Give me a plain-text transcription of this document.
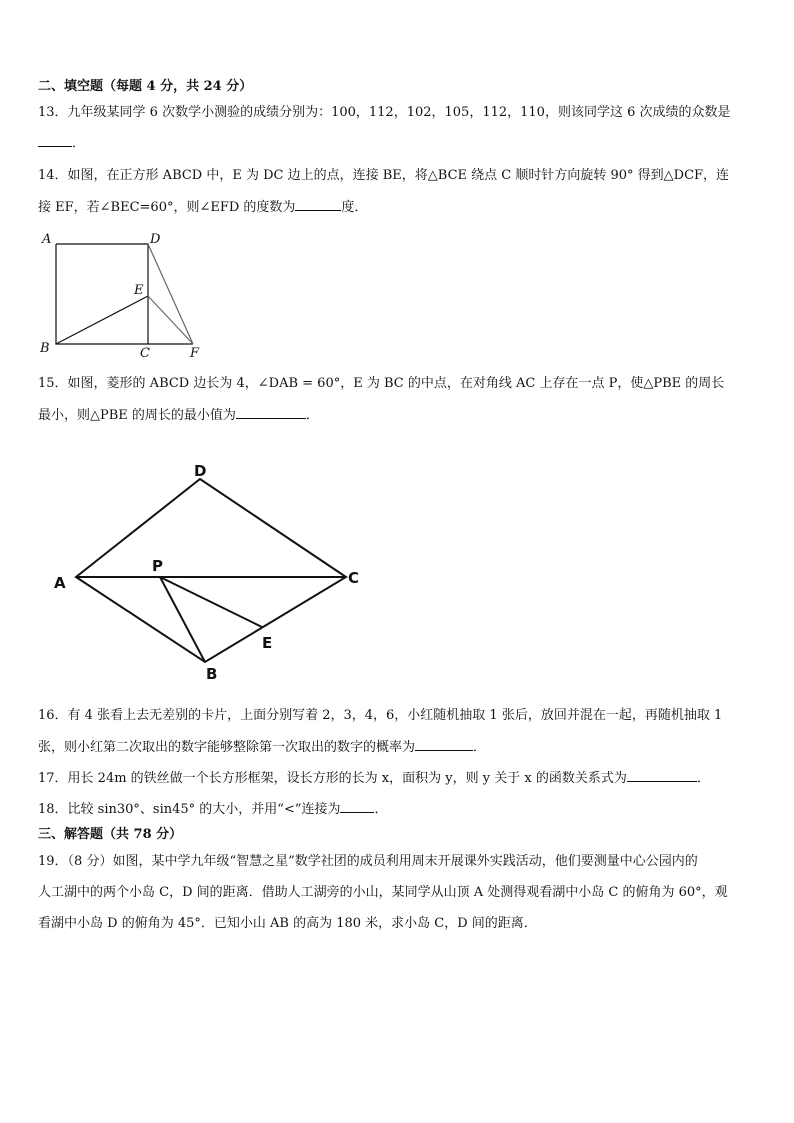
二、填空题（每题 4 分，共 24 分）
13．九年级某同学 6 次数学小测验的成绩分别为：100，112，102，105，112，110，则该同学这 6 次成绩的众数是
．
14．如图，在正方形 ABCD 中，E 为 DC 边上的点，连接 BE，将△BCE 绕点 C 顺时针方向旋转 90° 得到△DCF，连
接 EF，若∠BEC=60°，则∠EFD 的度数为	度．
A	D
E
B	C	F
15．如图，菱形的 ABCD 边长为 4，∠DAB = 60°，E 为 BC 的中点，在对角线 AC 上存在一点 P，使△PBE 的周长
最小，则△PBE 的周长的最小值为	．
D
A
P
C
E
B
16．有 4 张看上去无差别的卡片，上面分别写着 2，3，4，6，小红随机抽取 1 张后，放回并混在一起，再随机抽取 1
张，则小红第二次取出的数字能够整除第一次取出的数字的概率为	．
17．用长 24m 的铁丝做一个长方形框架，设长方形的长为 x，面积为 y，则 y 关于 x 的函数关系式为	．
18．比较 sin30°、sin45° 的大小，并用“<”连接为	．
三、解答题（共 78 分）
19．（8 分）如图，某中学九年级“智慧之星”数学社团的成员利用周末开展课外实践活动，他们要测量中心公园内的
人工湖中的两个小岛 C，D 间的距离．借助人工湖旁的小山，某同学从山顶 A 处测得观看湖中小岛 C 的俯角为 60°，观
看湖中小岛 D 的俯角为 45°．已知小山 AB 的高为 180 米，求小岛 C，D 间的距离．
